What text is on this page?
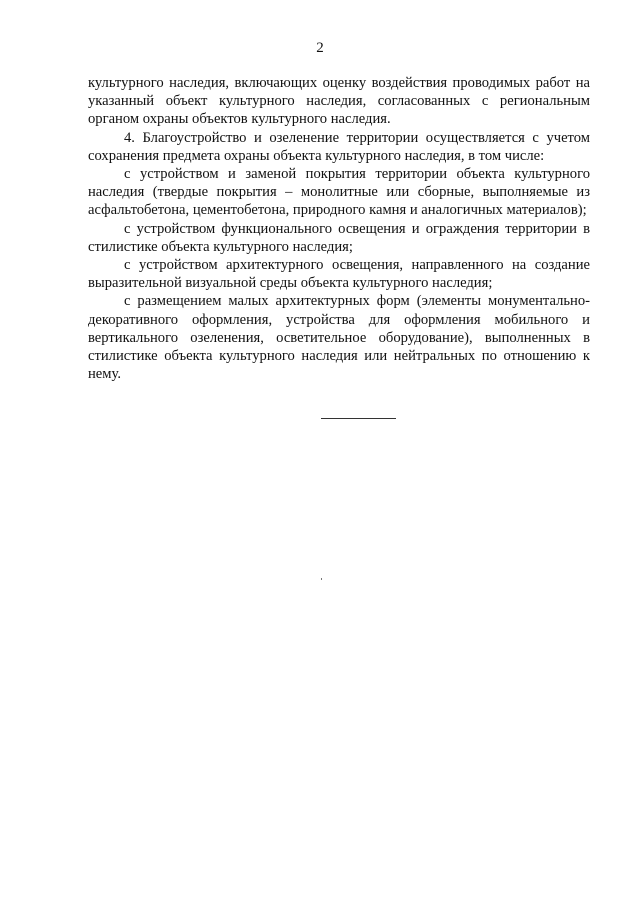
2

культурного наследия, включающих оценку воздействия проводимых работ на указанный объект культурного наследия, согласованных с региональным органом охраны объектов культурного наследия.

4. Благоустройство и озеленение территории осуществляется с учетом сохранения предмета охраны объекта культурного наследия, в том числе:

с устройством и заменой покрытия территории объекта культурного наследия (твердые покрытия – монолитные или сборные, выполняемые из асфальтобетона, цементобетона, природного камня и аналогичных материалов);

с устройством функционального освещения и ограждения территории в стилистике объекта культурного наследия;

с устройством архитектурного освещения, направленного на создание выразительной визуальной среды объекта культурного наследия;

с размещением малых архитектурных форм (элементы монументально-декоративного оформления, устройства для оформления мобильного и вертикального озеленения, осветительное оборудование), выполненных в стилистике объекта культурного наследия или нейтральных по отношению к нему.
